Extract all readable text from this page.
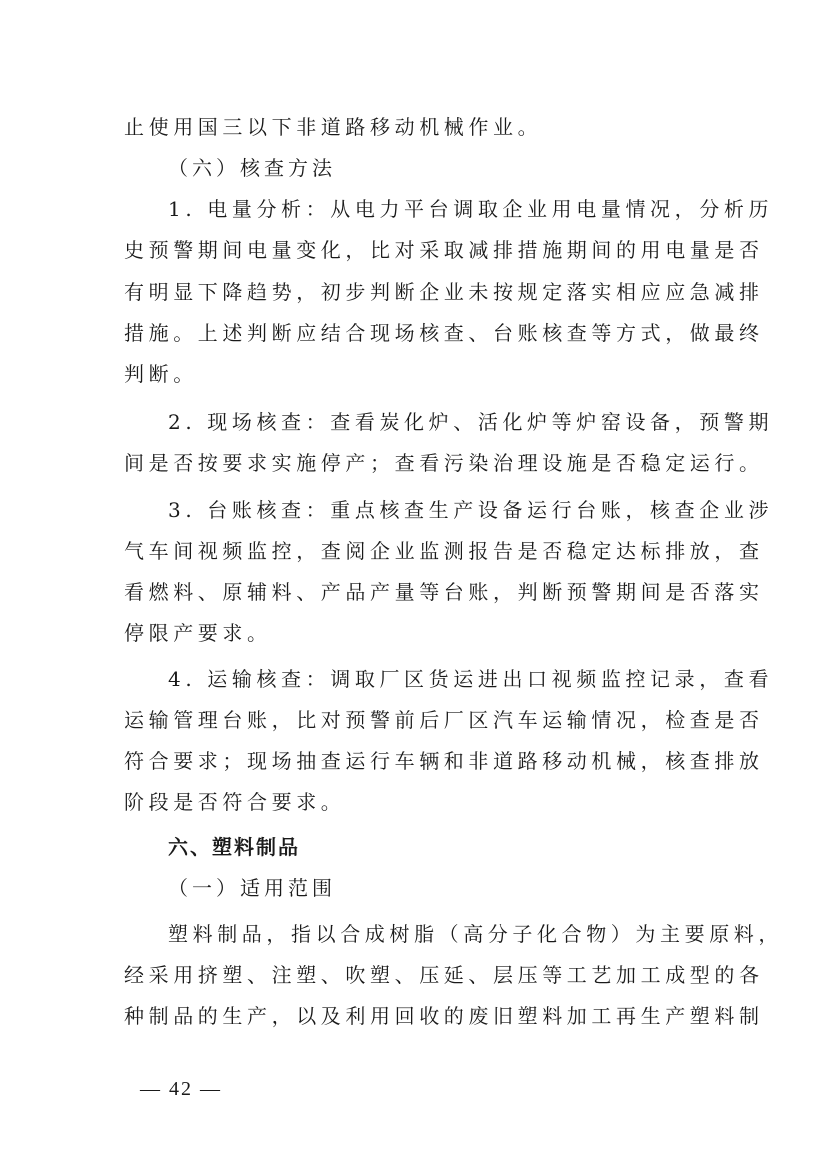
止使用国三以下非道路移动机械作业。
（六）核查方法
1. 电量分析：从电力平台调取企业用电量情况，分析历
史预警期间电量变化，比对采取减排措施期间的用电量是否
有明显下降趋势，初步判断企业未按规定落实相应应急减排
措施。上述判断应结合现场核查、台账核查等方式，做最终
判断。
2. 现场核查：查看炭化炉、活化炉等炉窑设备，预警期
间是否按要求实施停产；查看污染治理设施是否稳定运行。
3. 台账核查：重点核查生产设备运行台账，核查企业涉
气车间视频监控，查阅企业监测报告是否稳定达标排放，查
看燃料、原辅料、产品产量等台账，判断预警期间是否落实
停限产要求。
4. 运输核查：调取厂区货运进出口视频监控记录，查看
运输管理台账，比对预警前后厂区汽车运输情况，检查是否
符合要求；现场抽查运行车辆和非道路移动机械，核查排放
阶段是否符合要求。
六、塑料制品
（一）适用范围
塑料制品，指以合成树脂（高分子化合物）为主要原料，
经采用挤塑、注塑、吹塑、压延、层压等工艺加工成型的各
种制品的生产，以及利用回收的废旧塑料加工再生产塑料制
— 42 —
